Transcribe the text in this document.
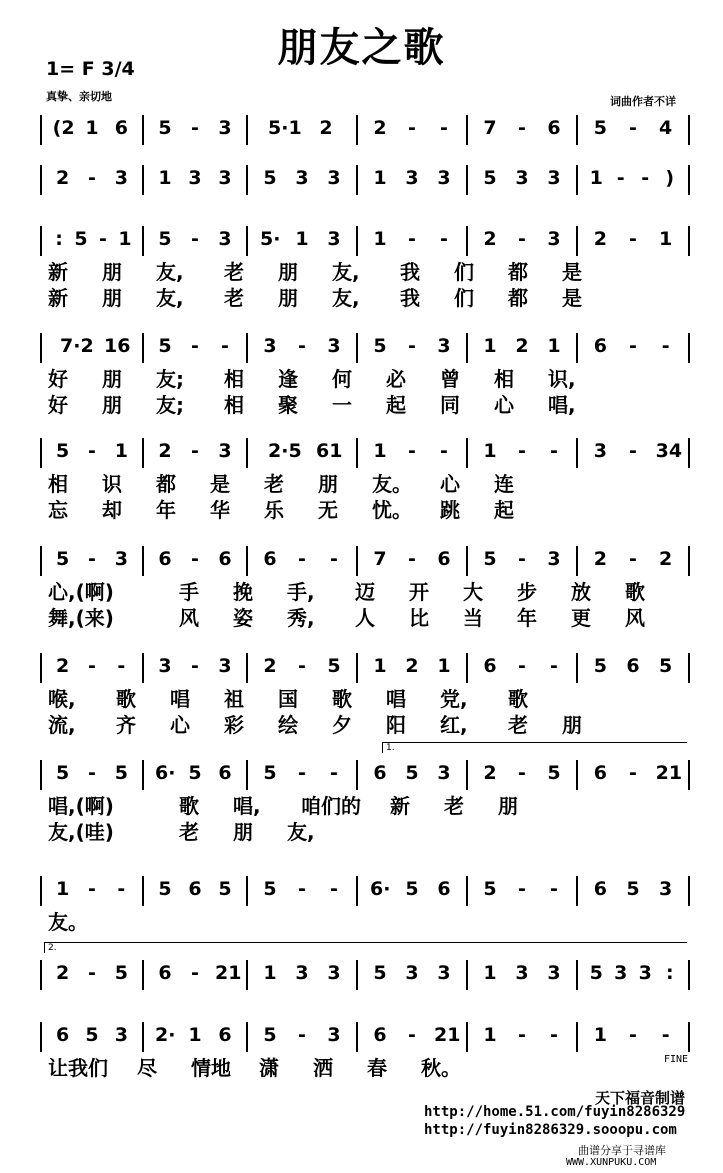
朋友之歌
1= F 3/4
真挚、亲切地	词曲作者不详
(2 1 6 5	-	3 5·1 2 2	-	-	7	-	6 5	-	4
2 - 3 1 3 3 5 3 3 1 3 3 5 3 3 1 - - )
: 5 - 1 5	-	3 5· 1 3 1	-	-	2	-	3 2	-	1
新 朋 友, 老 朋 友, 我 们 都 是
新 朋 友, 老 朋 友, 我 们 都 是
7·2 16 5	-	-	3	-	3 5	-	3 1 2 1 6	-	-
好 朋 友; 相 逢 何 必 曾 相 识,
好 朋 友; 相 聚 一 起 同 心 唱,
5 - 1 2	-	3 2·5 61 1	-	-	1	-	-	3	- 34
相 识 都 是 老 朋 友。 心 连
忘 却 年 华 乐 无 忧。 跳 起
5 - 3 6	-	6 6	-	-	7	-	6 5	-	3 2	-	2
心,(啊)	手 挽 手, 迈 开 大 步 放 歌
舞,(来)	风 姿 秀, 人 比 当 年 更 风
2 -	-	3	-	3 2	-	5 1 2 1 6	-	-	5 6 5
喉, 歌 唱 祖 国 歌 唱 党, 歌
流, 齐 心 彩 绘 夕 阳 红, 老 朋
5 - 5 6· 5 6 5	-	-	6 5 3 2	-	5 6	- 21
唱,(啊)	歌 唱, 咱们的 新 老 朋
友,(哇)	老 朋 友,
1 -	-	5 6 5 5	-	-	6· 5 6 5	-	-	6 5 3
友。
2 - 5 6	- 21 1 3 3 5 3 3 1 3 3 5 3 3 :
6 5 3 2· 1 6 5	-	3 6	- 21 1	-	-	1	-	-
让我们 尽 情地 潇 洒 春 秋。	FINE
天下福音制谱
http://home.51.com/fuyin8286329
http://fuyin8286329.sooopu.com
曲谱分享于寻谱库
WWW.XUNPUKU.COM
1.
2.
